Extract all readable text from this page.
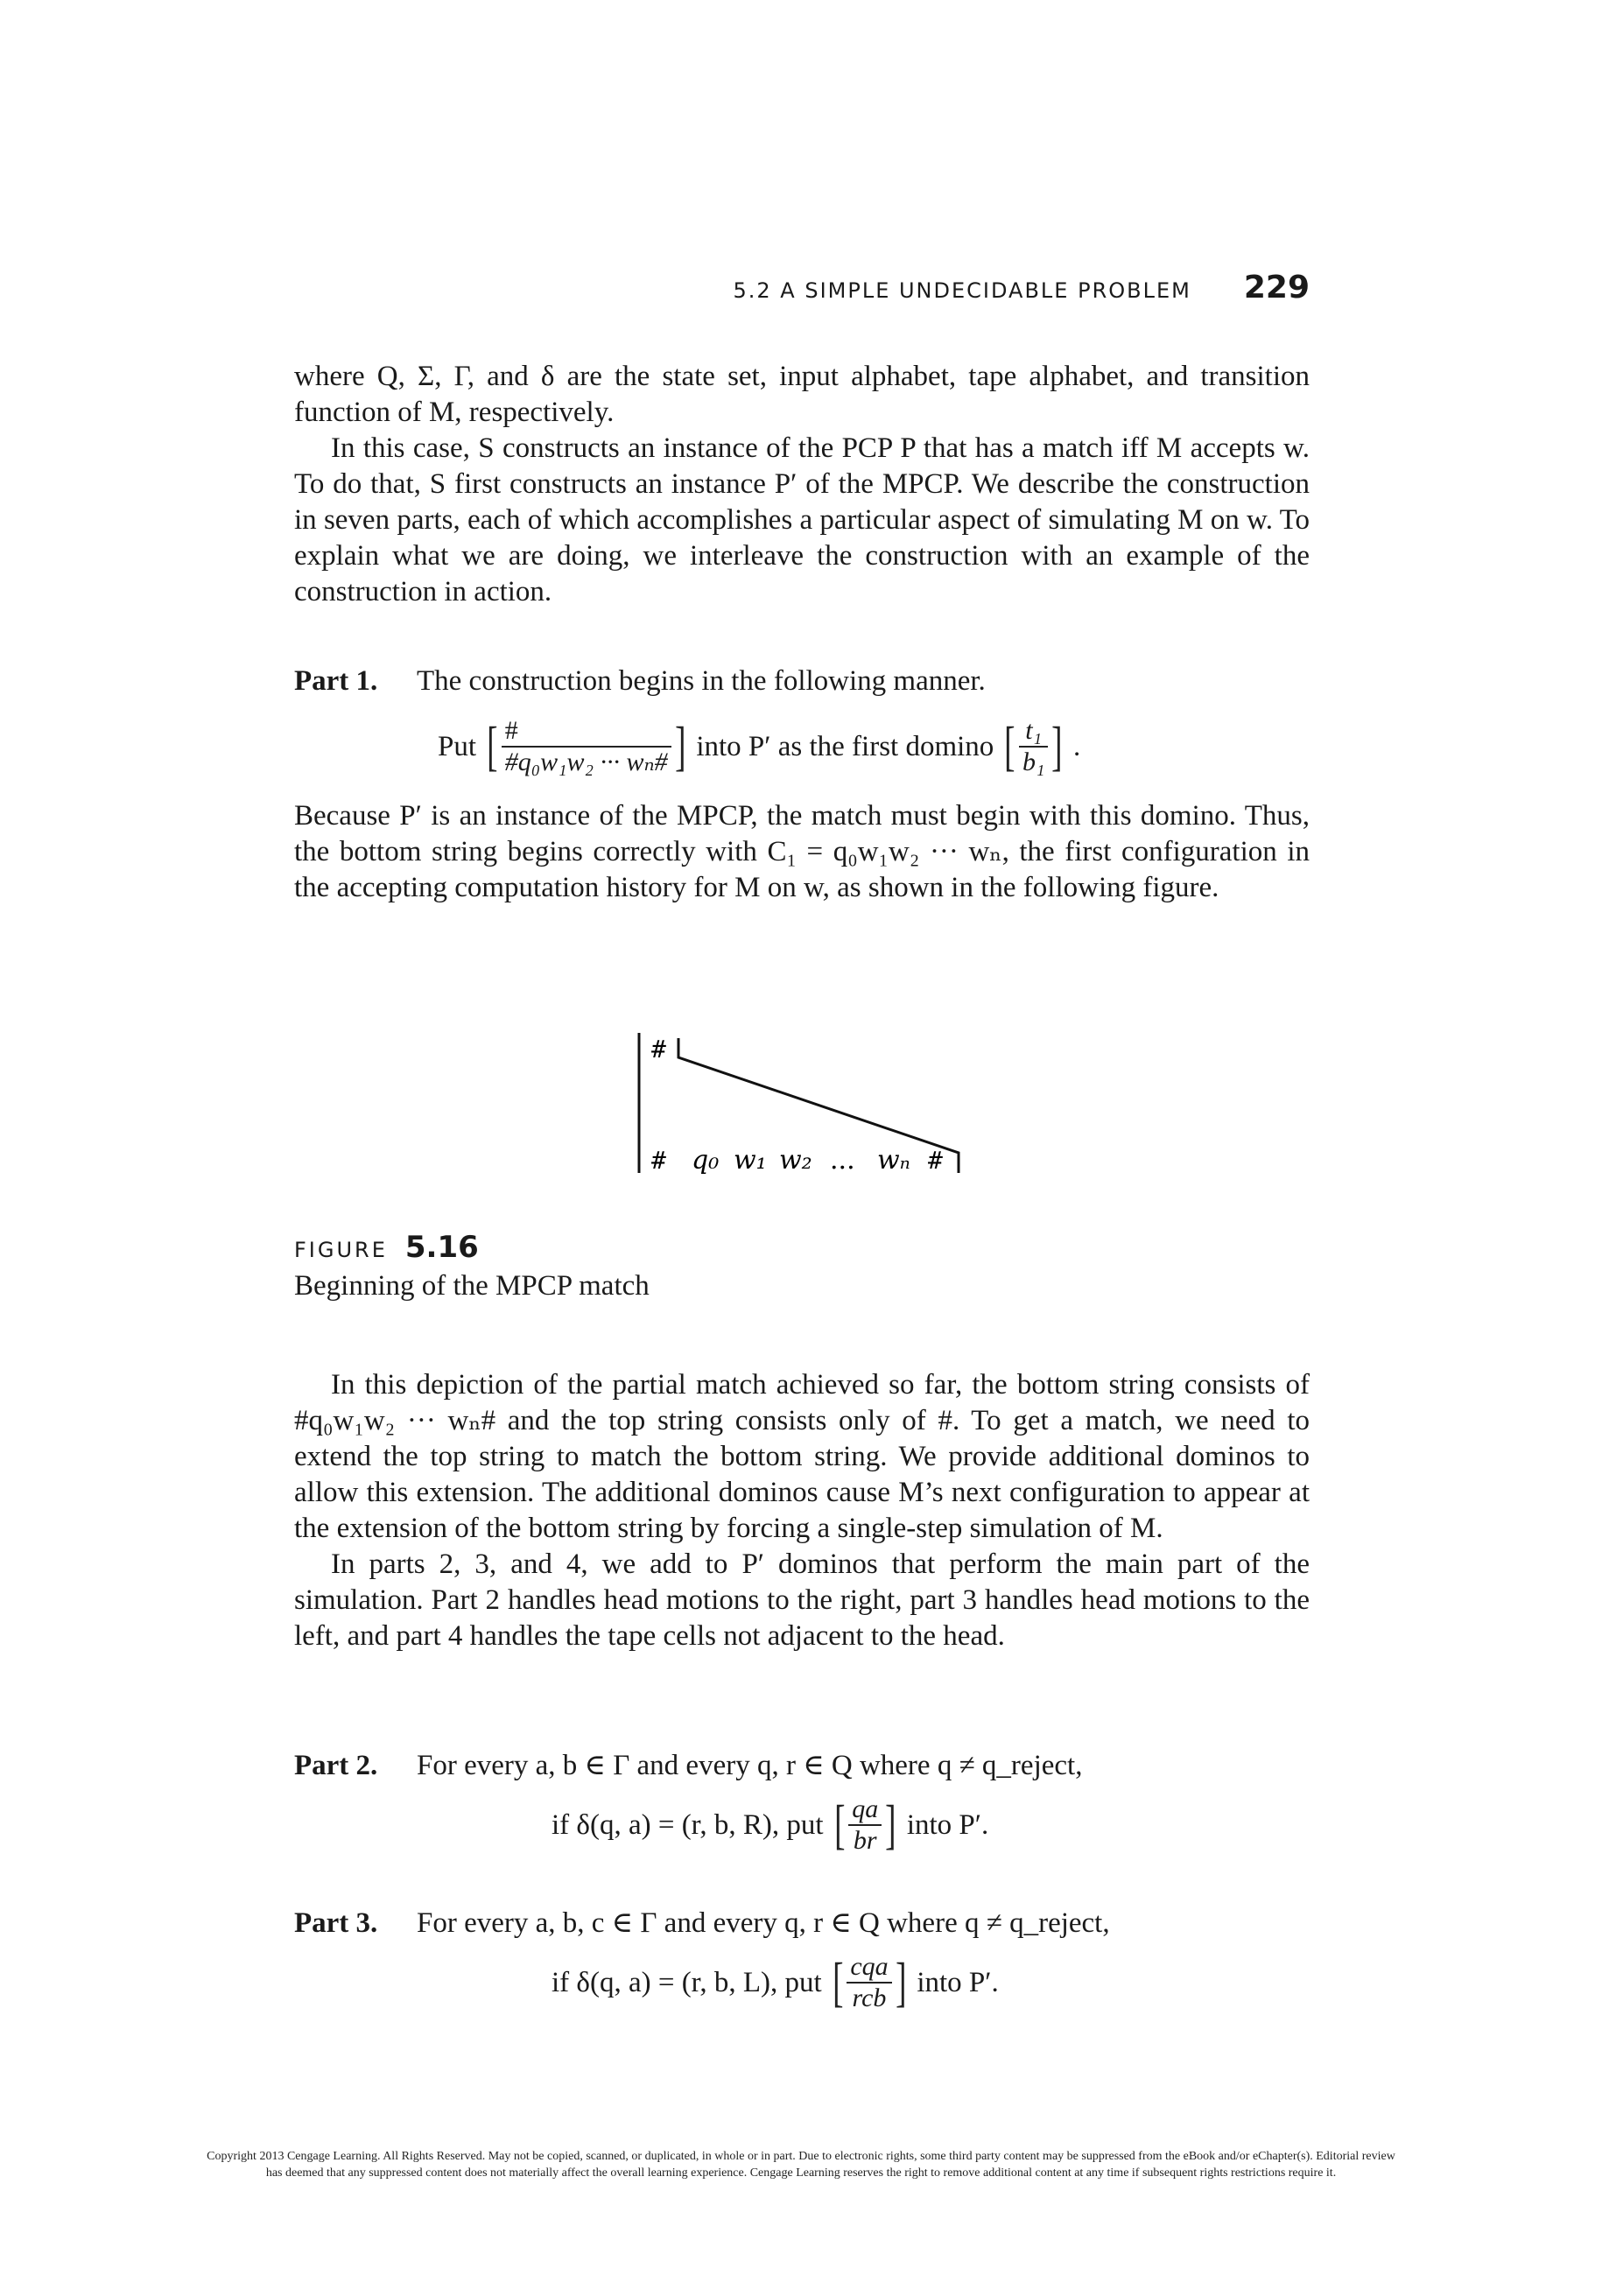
5.2 A SIMPLE UNDECIDABLE PROBLEM 229

where Q, Σ, Γ, and δ are the state set, input alphabet, tape alphabet, and transition function of M, respectively.

In this case, S constructs an instance of the PCP P that has a match iff M accepts w. To do that, S first constructs an instance P′ of the MPCP. We describe the construction in seven parts, each of which accomplishes a particular aspect of simulating M on w. To explain what we are doing, we interleave the construction with an example of the construction in action.

Part 1. The construction begins in the following manner.
Put [ $\frac{\#}{\text{\#q₀w₁w₂ ··· wₙ\#}}$ ] into P′ as the first domino [ $\frac{\text{t₁}}{\text{b₁}}$ ] .

Because P′ is an instance of the MPCP, the match must begin with this domino. Thus, the bottom string begins correctly with C₁ = q₀w₁w₂ ··· wₙ, the first configuration in the accepting computation history for M on w, as shown in the following figure.

#
# q₀ w₁ w₂ ... wₙ #
FIGURE 5.16
Beginning of the MPCP match

In this depiction of the partial match achieved so far, the bottom string consists of #q₀w₁w₂ ··· wₙ# and the top string consists only of #. To get a match, we need to extend the top string to match the bottom string. We provide additional dominos to allow this extension. The additional dominos cause M’s next configuration to appear at the extension of the bottom string by forcing a single-step simulation of M.

In parts 2, 3, and 4, we add to P′ dominos that perform the main part of the simulation. Part 2 handles head motions to the right, part 3 handles head motions to the left, and part 4 handles the tape cells not adjacent to the head.

Part 2. For every a, b ∈ Γ and every q, r ∈ Q where q ≠ q_reject,
if δ(q, a) = (r, b, R), put [ $\frac{qa}{br}$ ] into P′.
Part 3. For every a, b, c ∈ Γ and every q, r ∈ Q where q ≠ q_reject,
if δ(q, a) = (r, b, L), put [ $\frac{\text{cqa}}{\text{rcb}}$ ] into P′.
Copyright 2013 Cengage Learning. All Rights Reserved. May not be copied, scanned, or duplicated, in whole or in part. Due to electronic rights, some third party content may be suppressed from the eBook and/or eChapter(s). Editorial review has deemed that any suppressed content does not materially affect the overall learning experience. Cengage Learning reserves the right to remove additional content at any time if subsequent rights restrictions require it.
